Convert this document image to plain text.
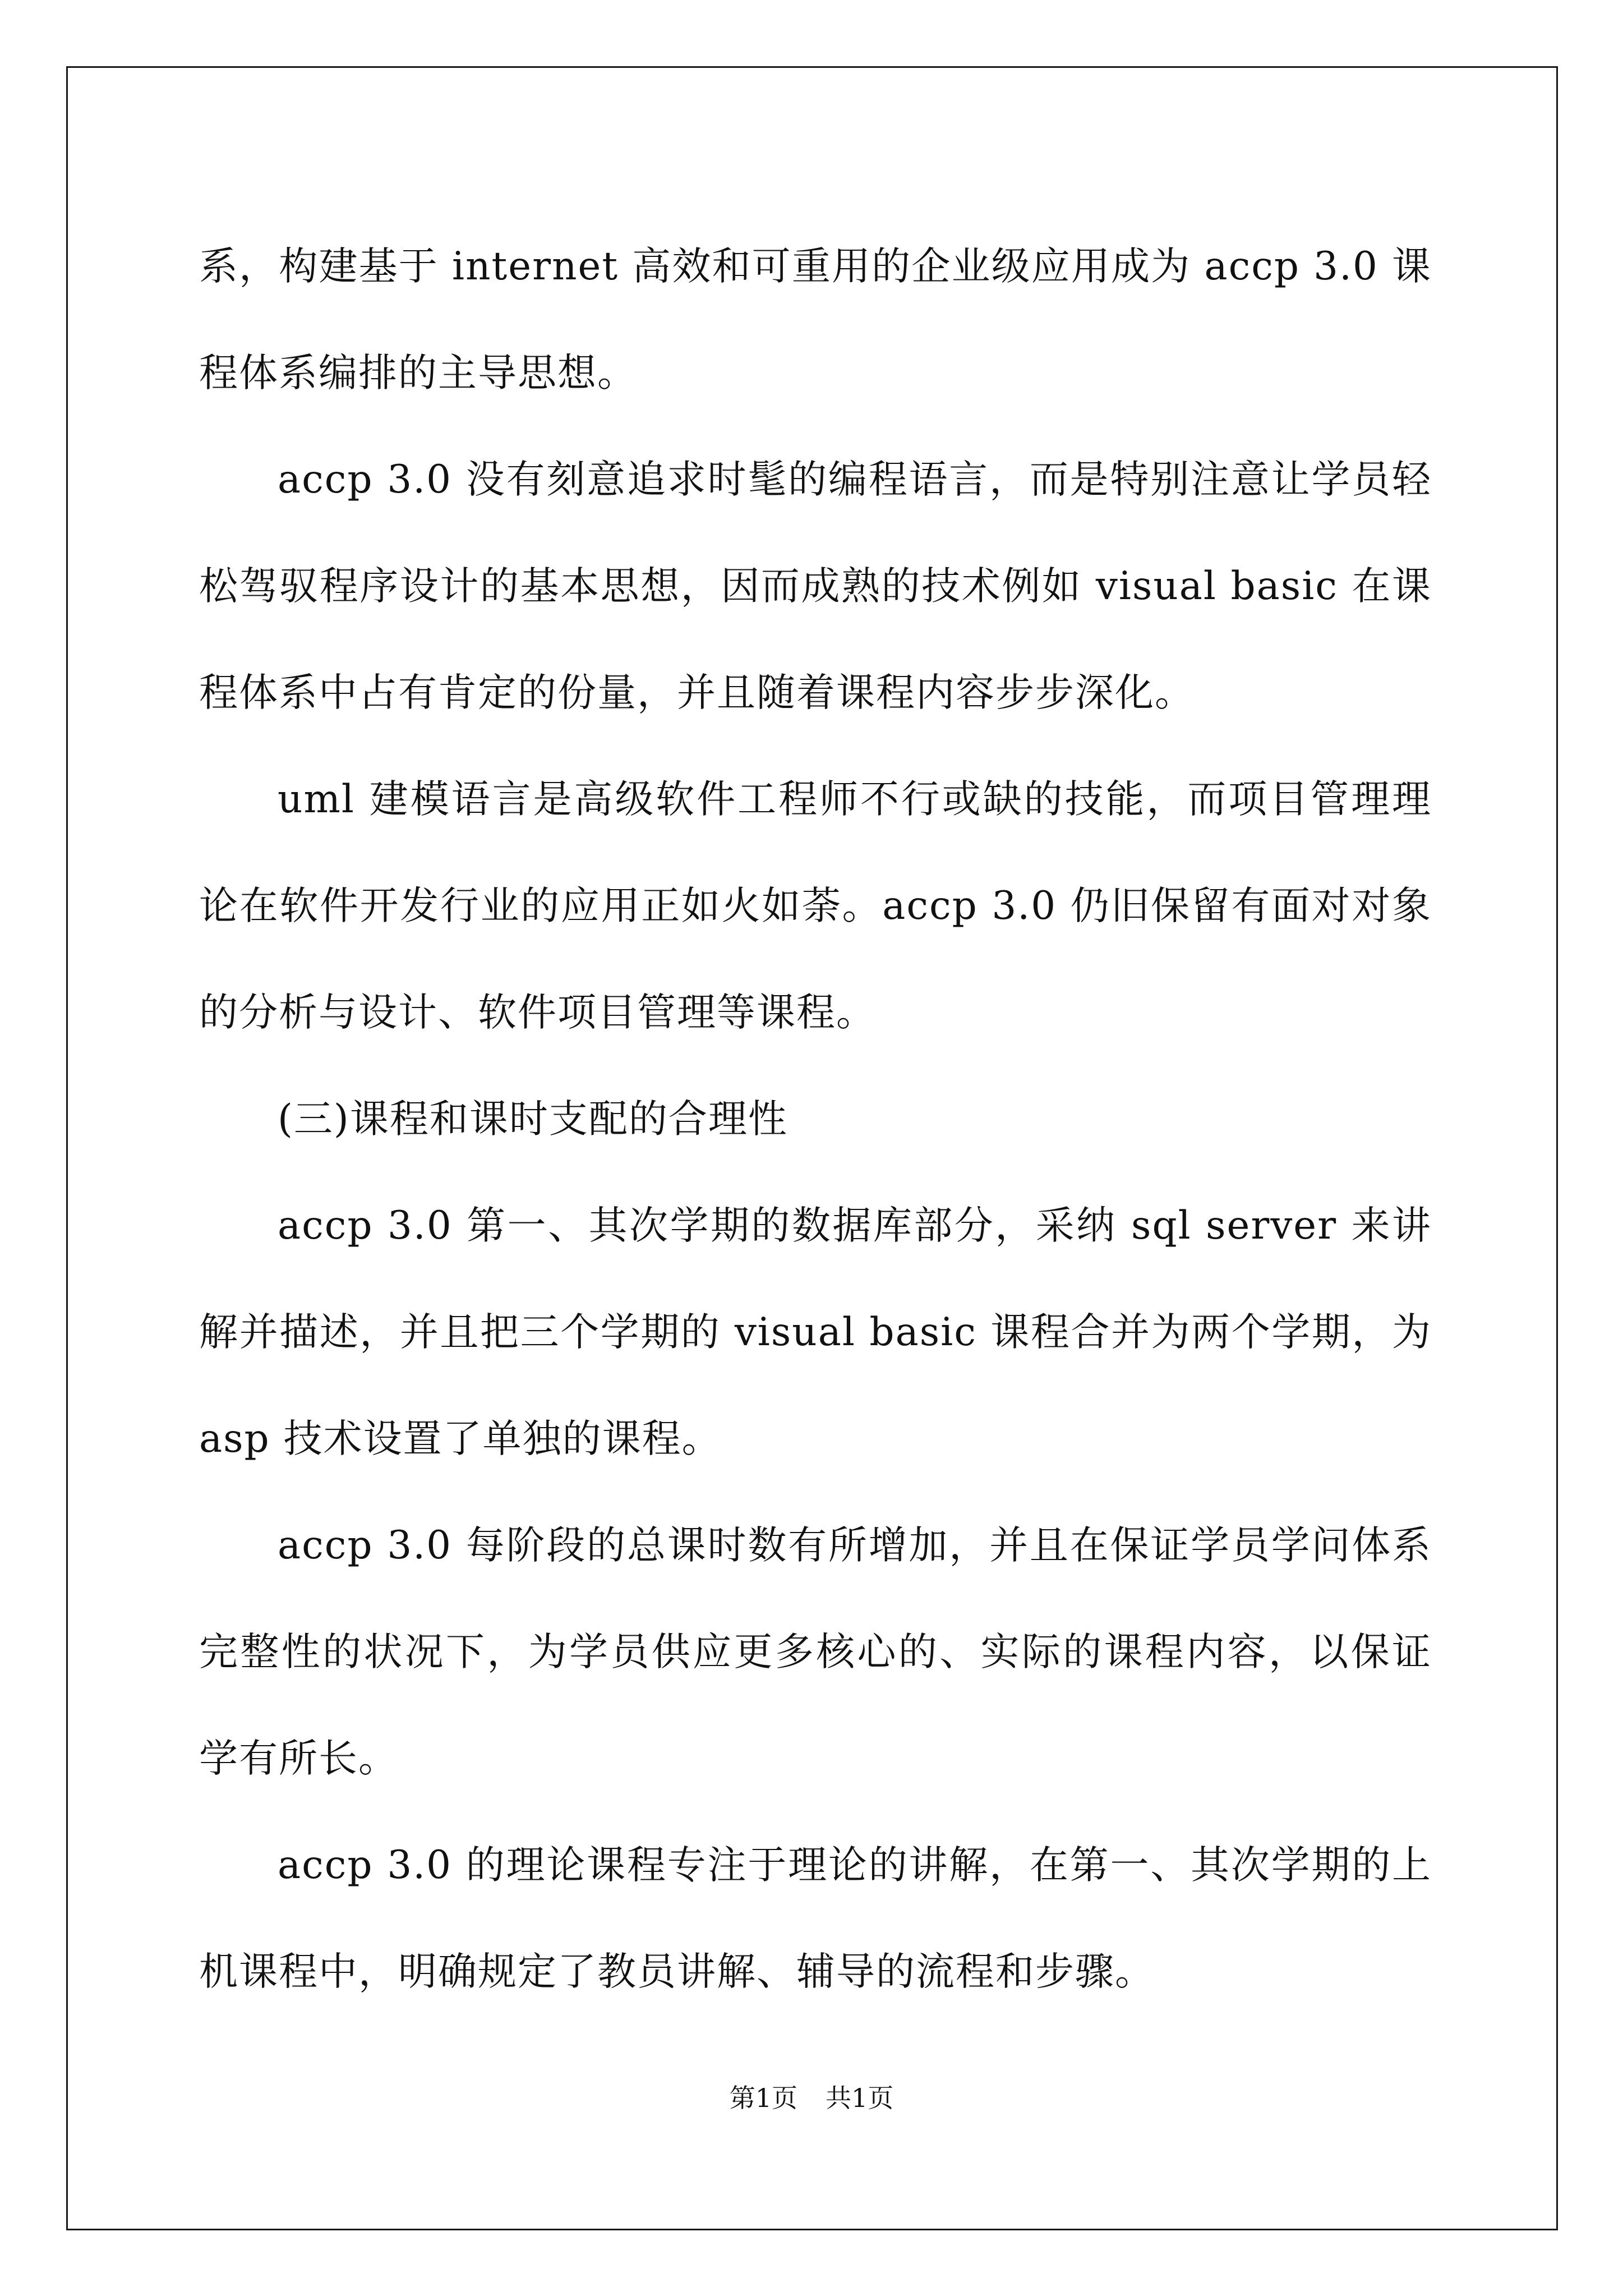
系，构建基于 internet 高效和可重用的企业级应用成为 accp 3.0 课程体系编排的主导思想。

accp 3.0 没有刻意追求时髦的编程语言，而是特别注意让学员轻松驾驭程序设计的基本思想，因而成熟的技术例如 visual basic 在课程体系中占有肯定的份量，并且随着课程内容步步深化。

uml 建模语言是高级软件工程师不行或缺的技能，而项目管理理论在软件开发行业的应用正如火如荼。accp 3.0 仍旧保留有面对对象的分析与设计、软件项目管理等课程。

(三)课程和课时支配的合理性

accp 3.0 第一、其次学期的数据库部分，采纳 sql server 来讲解并描述，并且把三个学期的 visual basic 课程合并为两个学期，为 asp 技术设置了单独的课程。

accp 3.0 每阶段的总课时数有所增加，并且在保证学员学问体系完整性的状况下，为学员供应更多核心的、实际的课程内容，以保证学有所长。

accp 3.0 的理论课程专注于理论的讲解，在第一、其次学期的上机课程中，明确规定了教员讲解、辅导的流程和步骤。

第1页 共1页
